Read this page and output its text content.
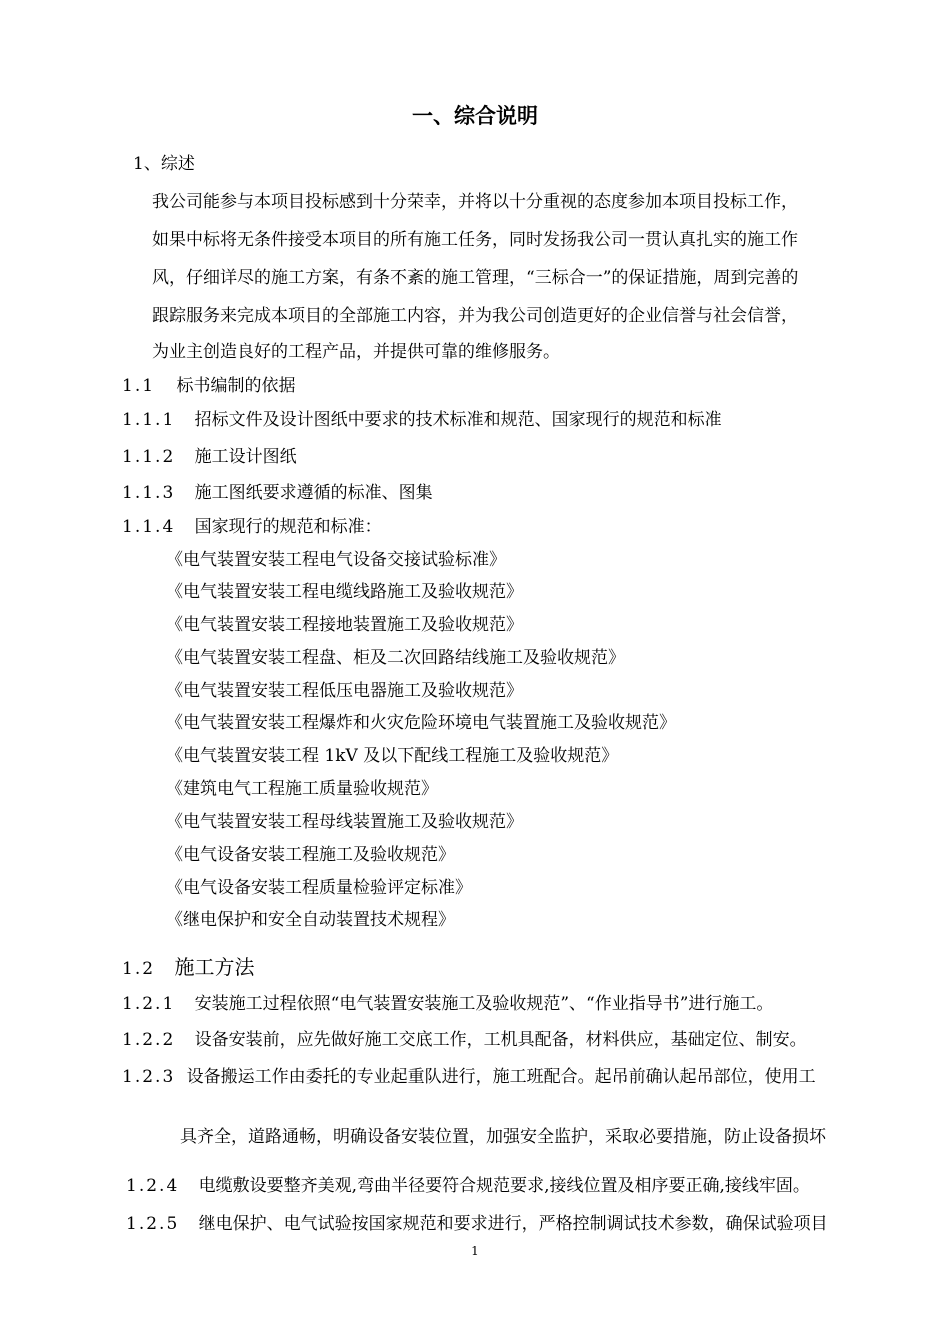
一、综合说明
1、综述
我公司能参与本项目投标感到十分荣幸，并将以十分重视的态度参加本项目投标工作，
如果中标将无条件接受本项目的所有施工任务，同时发扬我公司一贯认真扎实的施工作
风，仔细详尽的施工方案，有条不紊的施工管理，“三标合一”的保证措施，周到完善的
跟踪服务来完成本项目的全部施工内容，并为我公司创造更好的企业信誉与社会信誉，
为业主创造良好的工程产品，并提供可靠的维修服务。
1.1 标书编制的依据
1.1.1 招标文件及设计图纸中要求的技术标准和规范、国家现行的规范和标准
1.1.2 施工设计图纸
1.1.3 施工图纸要求遵循的标准、图集
1.1.4 国家现行的规范和标准：
《电气装置安装工程电气设备交接试验标准》
《电气装置安装工程电缆线路施工及验收规范》
《电气装置安装工程接地装置施工及验收规范》
《电气装置安装工程盘、柜及二次回路结线施工及验收规范》
《电气装置安装工程低压电器施工及验收规范》
《电气装置安装工程爆炸和火灾危险环境电气装置施工及验收规范》
《电气装置安装工程 1kV 及以下配线工程施工及验收规范》
《建筑电气工程施工质量验收规范》
《电气装置安装工程母线装置施工及验收规范》
《电气设备安装工程施工及验收规范》
《电气设备安装工程质量检验评定标准》
《继电保护和安全自动装置技术规程》
1.2 施工方法
1.2.1 安装施工过程依照“电气装置安装施工及验收规范”、“作业指导书”进行施工。
1.2.2 设备安装前，应先做好施工交底工作，工机具配备，材料供应，基础定位、制安。
1.2.3 设备搬运工作由委托的专业起重队进行，施工班配合。起吊前确认起吊部位，使用工
具齐全，道路通畅，明确设备安装位置，加强安全监护，采取必要措施，防止设备损坏
1.2.4 电缆敷设要整齐美观,弯曲半径要符合规范要求,接线位置及相序要正确,接线牢固。
1.2.5 继电保护、电气试验按国家规范和要求进行，严格控制调试技术参数，确保试验项目
1
